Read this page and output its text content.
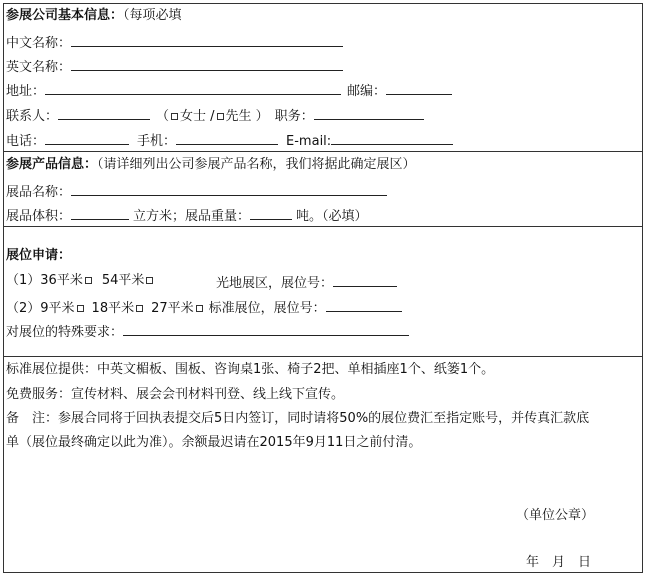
参展公司基本信息：（每项必填
中文名称：
英文名称：
地址：	邮编：
联系人：	（ 女士 / 先生 ） 职务：
电话：	手机：	E-mail:
参展产品信息：（请详细列出公司参展产品名称，我们将据此确定展区）
展品名称：
展品体积：	立方米；展品重量：	吨。（必填）
展位申请：
（1）36平米 54平米	光地展区，展位号：
（2）9平米 18平米 27平米 标准展位，展位号：
对展位的特殊要求：
标准展位提供：中英文楣板、围板、咨询桌1张、椅子2把、单相插座1个、纸篓1个。
免费服务：宣传材料、展会会刊材料刊登、线上线下宣传。
备　注：参展合同将于回执表提交后5日内签订，同时请将50%的展位费汇至指定账号，并传真汇款底
单（展位最终确定以此为准）。余额最迟请在2015年9月11日之前付清。
（单位公章）
年　月　日
